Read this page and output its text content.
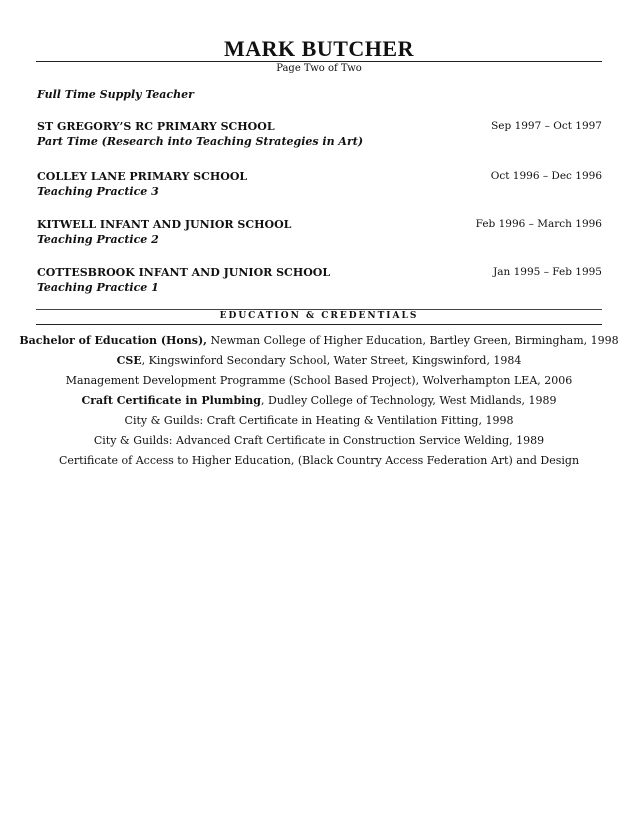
MARK BUTCHER
Page Two of Two
Full Time Supply Teacher
ST GREGORY’S RC PRIMARY SCHOOL	Sep 1997 – Oct 1997
Part Time (Research into Teaching Strategies in Art)
COLLEY LANE PRIMARY SCHOOL	Oct 1996 – Dec 1996
Teaching Practice 3
KITWELL INFANT AND JUNIOR SCHOOL	Feb 1996 – March 1996
Teaching Practice 2
COTTESBROOK INFANT AND JUNIOR SCHOOL	Jan 1995 – Feb 1995
Teaching Practice 1
EDUCATION & CREDENTIALS
Bachelor of Education (Hons), Newman College of Higher Education, Bartley Green, Birmingham, 1998
CSE, Kingswinford Secondary School, Water Street, Kingswinford, 1984
Management Development Programme (School Based Project), Wolverhampton LEA, 2006
Craft Certificate in Plumbing, Dudley College of Technology, West Midlands, 1989
City & Guilds: Craft Certificate in Heating & Ventilation Fitting, 1998
City & Guilds: Advanced Craft Certificate in Construction Service Welding, 1989
Certificate of Access to Higher Education, (Black Country Access Federation Art) and Design
